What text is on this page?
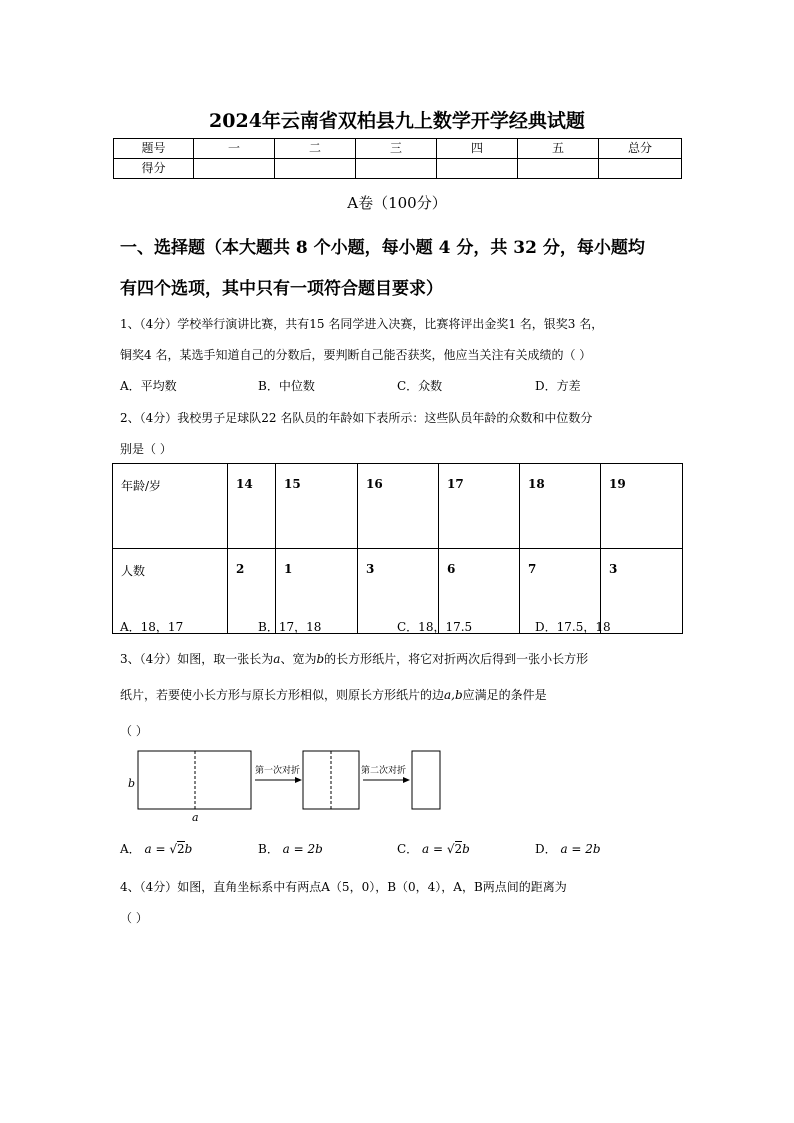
2024年云南省双柏县九上数学开学经典试题
题号	一	二	三	四	五	总分
得分						
A卷（100分）
一、选择题（本大题共 8 个小题，每小题 4 分，共 32 分，每小题均
有四个选项，其中只有一项符合题目要求）
1、（4分）学校举行演讲比赛，共有15 名同学进入决赛，比赛将评出金奖1 名，银奖3 名，
铜奖4 名，某选手知道自己的分数后，要判断自己能否获奖，他应当关注有关成绩的（ ）
A．平均数	B．中位数	C．众数	D．方差
2、（4分）我校男子足球队22 名队员的年龄如下表所示：这些队员年龄的众数和中位数分
别是（ ）
年龄/岁	14	15	16	17	18	19
人数	2	1	3	6	7	3
A．18，17	B．17，18	C．18，17.5	D．17.5，18
3、（4分）如图，取一张长为a、宽为b的长方形纸片，将它对折两次后得到一张小长方形
纸片，若要使小长方形与原长方形相似，则原长方形纸片的边a,b应满足的条件是
（ ）
b
a
第一次对折	第二次对折
A． a = √2b	B． a = 2b	C． a = √2b	D． a = 2b
4、（4分）如图，直角坐标系中有两点A（5，0），B（0，4），A，B两点间的距离为
（ ）
